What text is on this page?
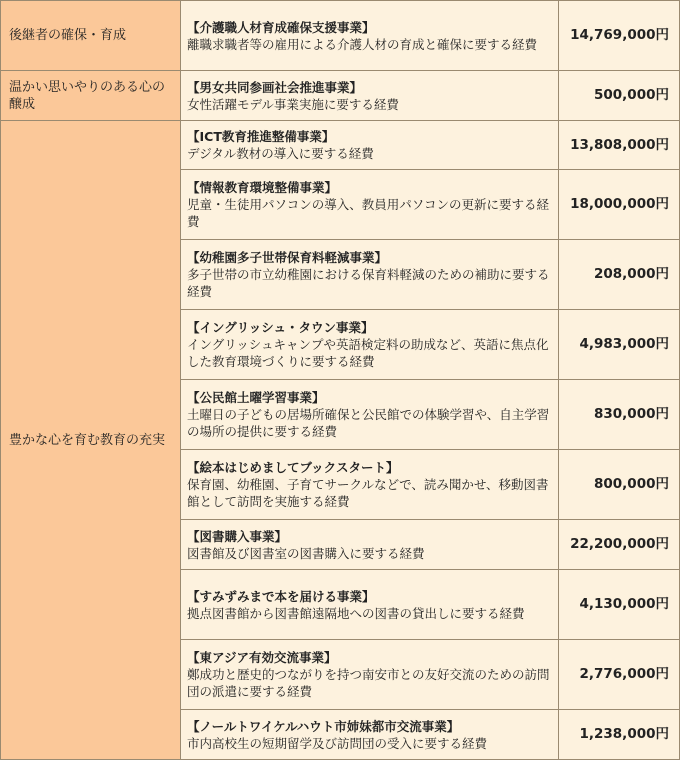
後継者の確保・育成	【介護職人材育成確保支援事業】
離職求職者等の雇用による介護人材の育成と確保に要する経費	14,769,000円
温かい思いやりのある心の醸成	【男女共同参画社会推進事業】
女性活躍モデル事業実施に要する経費	500,000円
豊かな心を育む教育の充実	【ICT教育推進整備事業】
デジタル教材の導入に要する経費	13,808,000円

	【情報教育環境整備事業】
児童・生徒用パソコンの導入、教員用パソコンの更新に要する経費	18,000,000円

	【幼稚園多子世帯保育料軽減事業】
多子世帯の市立幼稚園における保育料軽減のための補助に要する経費	208,000円

	【イングリッシュ・タウン事業】
イングリッシュキャンプや英語検定料の助成など、英語に焦点化した教育環境づくりに要する経費	4,983,000円

	【公民館土曜学習事業】
土曜日の子どもの居場所確保と公民館での体験学習や、自主学習の場所の提供に要する経費	830,000円

	【絵本はじめましてブックスタート】
保育園、幼稚園、子育てサークルなどで、読み聞かせ、移動図書館として訪問を実施する経費	800,000円

	【図書購入事業】
図書館及び図書室の図書購入に要する経費	22,200,000円

	【すみずみまで本を届ける事業】
拠点図書館から図書館遠隔地への図書の貸出しに要する経費	4,130,000円

	【東アジア有効交流事業】
鄭成功と歴史的つながりを持つ南安市との友好交流のための訪問団の派遣に要する経費	2,776,000円

	【ノールトワイケルハウト市姉妹都市交流事業】
市内高校生の短期留学及び訪問団の受入に要する経費	1,238,000円
